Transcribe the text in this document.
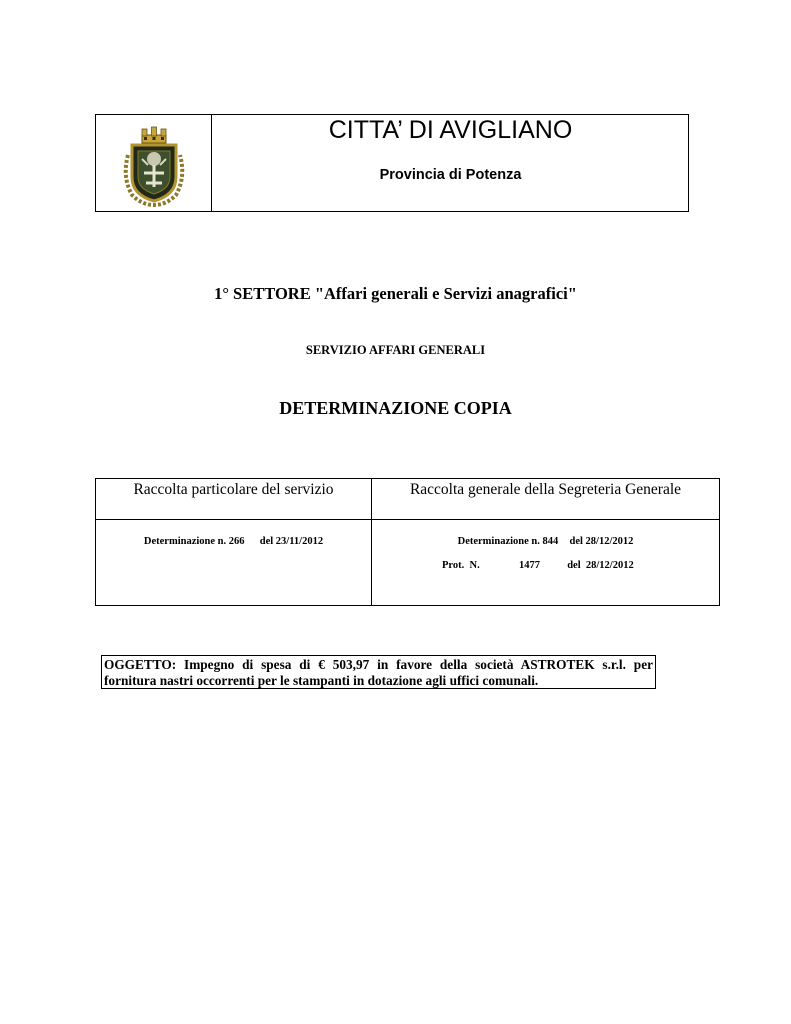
CITTA’ DI AVIGLIANO
Provincia di Potenza
1° SETTORE "Affari generali e Servizi anagrafici"
SERVIZIO AFFARI GENERALI
DETERMINAZIONE COPIA
Raccolta particolare del servizio	Raccolta generale della Segreteria Generale

Determinazione n. 266 del 23/11/2012	Determinazione n. 844 del 28/12/2012
Prot.  N. 1477 del  28/12/2012
OGGETTO: Impegno di spesa di € 503,97 in favore della società ASTROTEK s.r.l. per
fornitura nastri occorrenti per le stampanti in dotazione agli uffici comunali.
